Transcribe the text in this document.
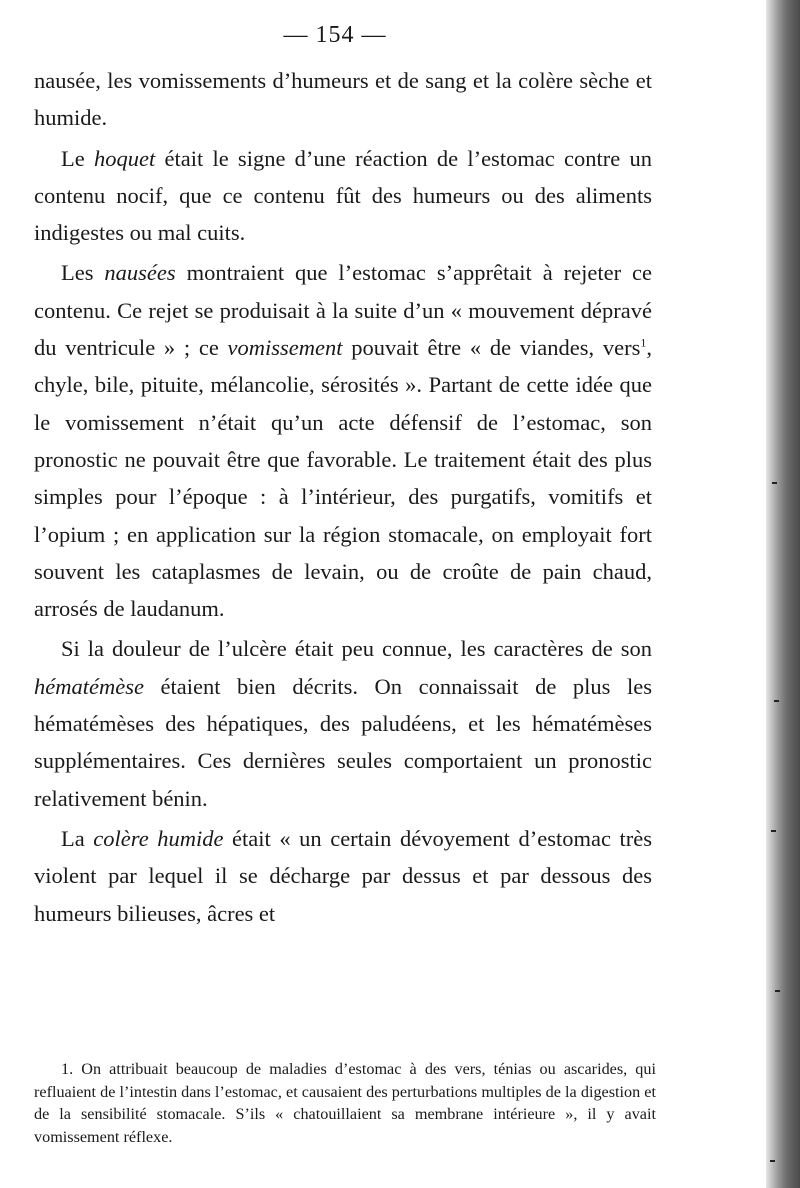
— 154 —

nausée, les vomissements d’humeurs et de sang et la colère sèche et humide.

Le hoquet était le signe d’une réaction de l’estomac contre un contenu nocif, que ce contenu fût des humeurs ou des aliments indigestes ou mal cuits.

Les nausées montraient que l’estomac s’apprêtait à rejeter ce contenu. Ce rejet se produisait à la suite d’un « mouvement dépravé du ventricule » ; ce vomissement pouvait être « de viandes, vers$^1$, chyle, bile, pituite, mélancolie, sérosités ». Partant de cette idée que le vomissement n’était qu’un acte défensif de l’estomac, son pronostic ne pouvait être que favorable. Le traitement était des plus simples pour l’époque : à l’intérieur, des purgatifs, vomitifs et l’opium ; en application sur la région stomacale, on employait fort souvent les cataplasmes de levain, ou de croûte de pain chaud, arrosés de laudanum.

Si la douleur de l’ulcère était peu connue, les caractères de son hématémèse étaient bien décrits. On connaissait de plus les hématémèses des hépatiques, des paludéens, et les hématémèses supplémentaires. Ces dernières seules comportaient un pronostic relativement bénin.

La colère humide était « un certain dévoyement d’estomac très violent par lequel il se décharge par dessus et par dessous des humeurs bilieuses, âcres et

1. On attribuait beaucoup de maladies d’estomac à des vers, ténias ou ascarides, qui refluaient de l’intestin dans l’estomac, et causaient des perturbations multiples de la digestion et de la sensibilité stomacale. S’ils « chatouillaient sa membrane intérieure », il y avait vomissement réflexe.
